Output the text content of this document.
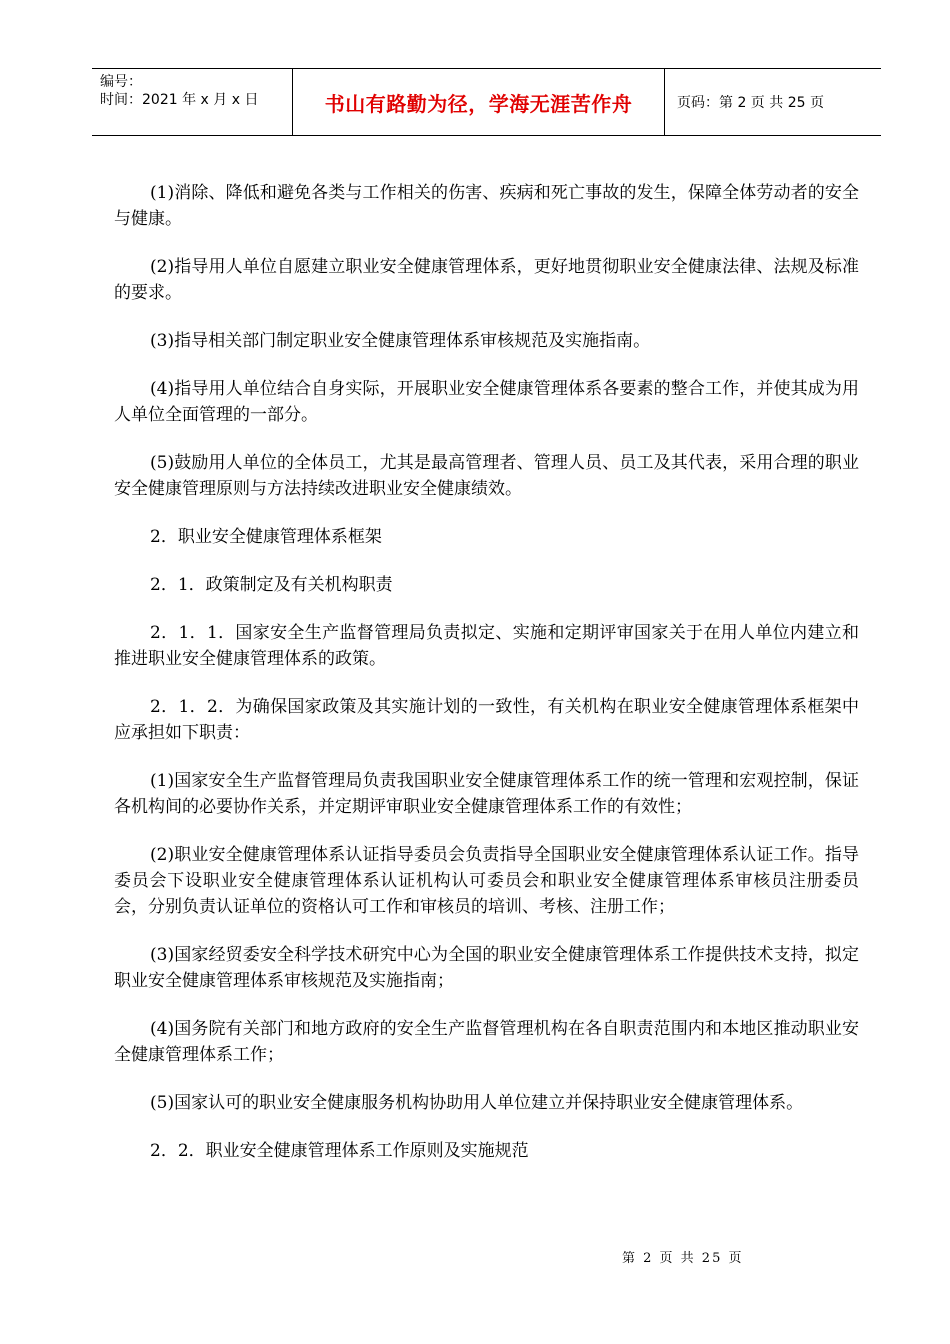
编号：
时间：2021 年 x 月 x 日	书山有路勤为径，学海无涯苦作舟	页码：第 2 页 共 25 页

(1)消除、降低和避免各类与工作相关的伤害、疾病和死亡事故的发生，保障全体劳动者的安全与健康。

(2)指导用人单位自愿建立职业安全健康管理体系，更好地贯彻职业安全健康法律、法规及标准的要求。

(3)指导相关部门制定职业安全健康管理体系审核规范及实施指南。

(4)指导用人单位结合自身实际，开展职业安全健康管理体系各要素的整合工作，并使其成为用人单位全面管理的一部分。

(5)鼓励用人单位的全体员工，尤其是最高管理者、管理人员、员工及其代表，采用合理的职业安全健康管理原则与方法持续改进职业安全健康绩效。

2．职业安全健康管理体系框架

2．1．政策制定及有关机构职责

2．1．1．国家安全生产监督管理局负责拟定、实施和定期评审国家关于在用人单位内建立和推进职业安全健康管理体系的政策。

2．1．2．为确保国家政策及其实施计划的一致性，有关机构在职业安全健康管理体系框架中应承担如下职责：

(1)国家安全生产监督管理局负责我国职业安全健康管理体系工作的统一管理和宏观控制，保证各机构间的必要协作关系，并定期评审职业安全健康管理体系工作的有效性；

(2)职业安全健康管理体系认证指导委员会负责指导全国职业安全健康管理体系认证工作。指导委员会下设职业安全健康管理体系认证机构认可委员会和职业安全健康管理体系审核员注册委员会，分别负责认证单位的资格认可工作和审核员的培训、考核、注册工作；

(3)国家经贸委安全科学技术研究中心为全国的职业安全健康管理体系工作提供技术支持，拟定职业安全健康管理体系审核规范及实施指南；

(4)国务院有关部门和地方政府的安全生产监督管理机构在各自职责范围内和本地区推动职业安全健康管理体系工作；

(5)国家认可的职业安全健康服务机构协助用人单位建立并保持职业安全健康管理体系。

2．2．职业安全健康管理体系工作原则及实施规范

第 2 页 共 25 页
